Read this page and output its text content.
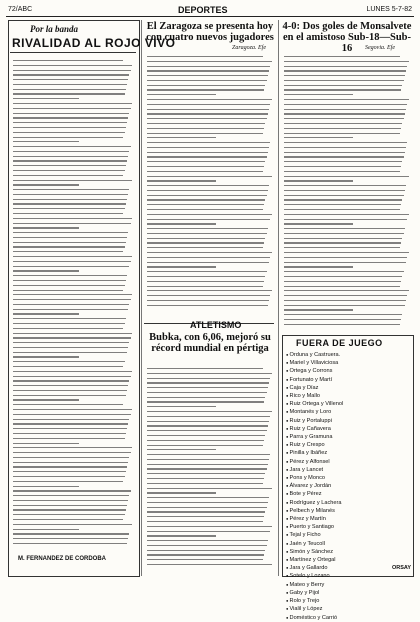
72/ABC	DEPORTES	LUNES 5-7-82
Por la banda
RIVALIDAD AL ROJO VIVO
M. FERNANDEZ DE CORDOBA
El Zaragoza se presenta hoy con cuatro nuevos jugadores
Zaragoza. Efe
ATLETISMO
Bubka, con 6,06, mejoró su récord mundial en pértiga
4-0: Dos goles de Monsalvete en el amistoso Sub-18—Sub-16	Segovia. Efe
FUERA DE JUEGO
● Orduna y Castruera.
● Mariel y Villaviciosa
● Ortega y Corrons
● Fortunato y Martí
● Caja y Díaz
● Rico y Mallo
● Ruiz Ortega y Villenol
● Montanés y Loro
● Ruiz y Portaluppi
● Ruiz y Cañavera
● Parra y Gramuna
● Ruiz y Crespo
● Pinilla y Ibáñez
● Pérez y Alfonsel
● Jara y Lancet
● Pons y Monco
● Álvarez y Jordán
● Bote y Pérez
● Rodríguez y Lachera
● Pelbech y Milanés
● Pérez y Martín
● Puerto y Santiago
● Tejal y Ficho
● Jaén y Teucoll
● Simón y Sánchez
● Martínez y Ortegal
● Jara y Gallardo
● Sotelo y Lozano
● Mateo y Berry
● Gaby y Pijol
● Rolo y Trejo
● Vialil y López
● Doméstico y Carrió
ORSAY
